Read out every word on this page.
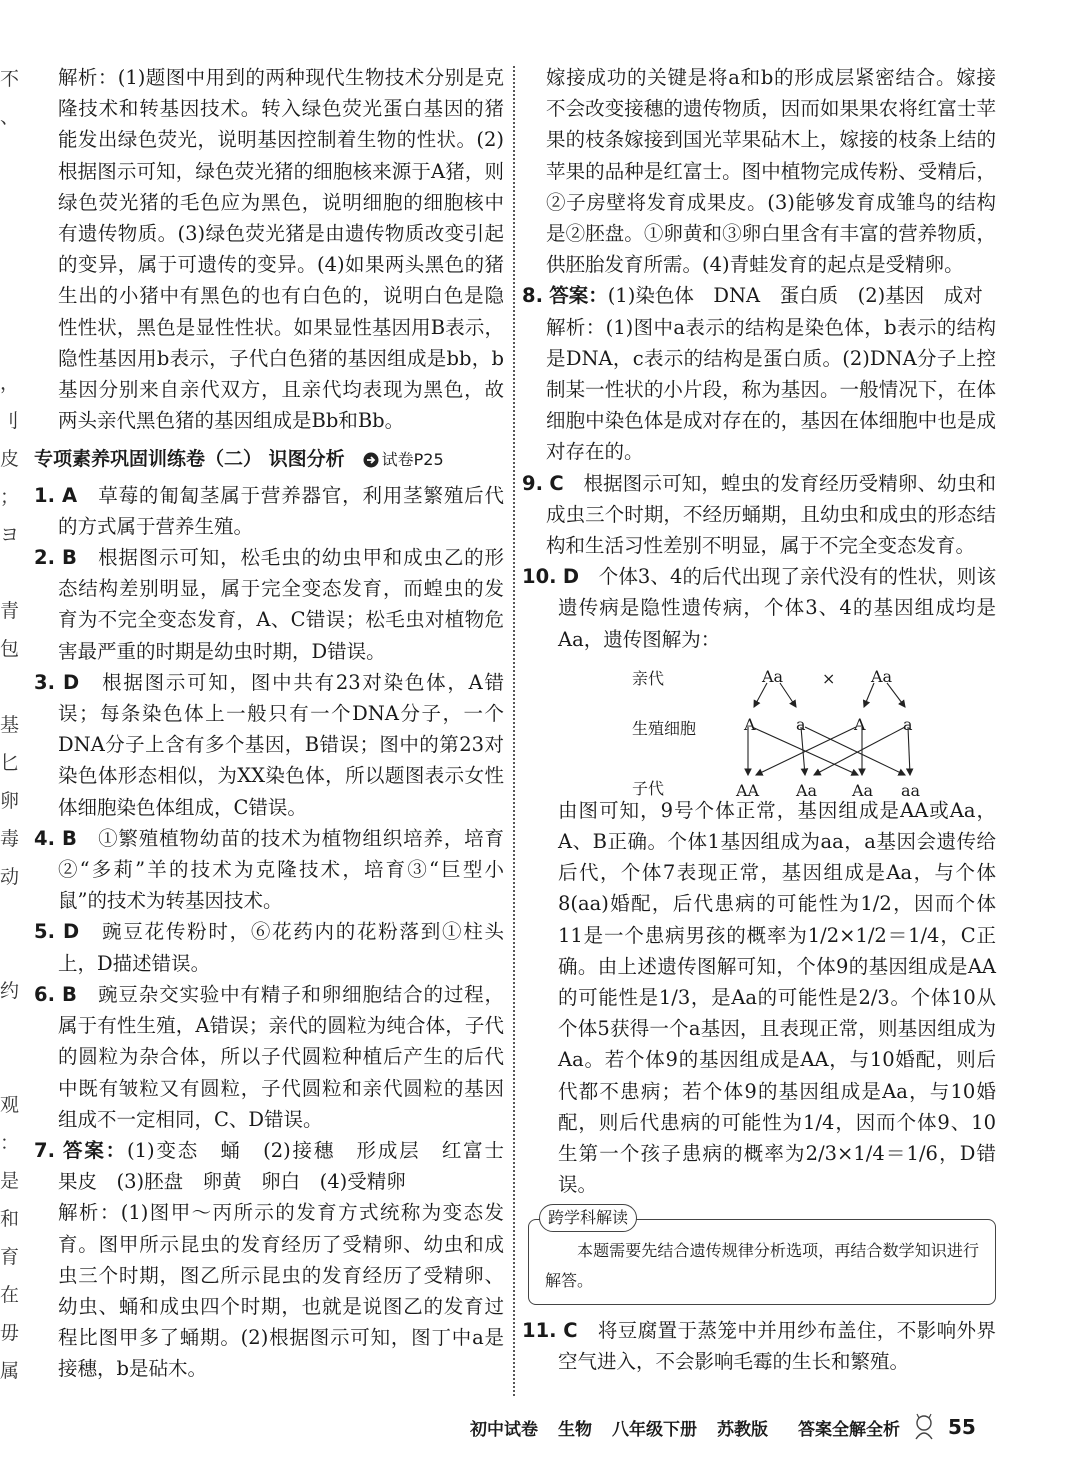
不
、
，
刂
皮
；
ヨ
青
包
基
匕
卵
毒
动
约
观
：
是
和
育
在
毋
属

解析：(1)题图中用到的两种现代生物技术分别是克隆技术和转基因技术。转入绿色荧光蛋白基因的猪能发出绿色荧光，说明基因控制着生物的性状。(2)根据图示可知，绿色荧光猪的细胞核来源于A猪，则绿色荧光猪的毛色应为黑色，说明细胞的细胞核中有遗传物质。(3)绿色荧光猪是由遗传物质改变引起的变异，属于可遗传的变异。(4)如果两头黑色的猪生出的小猪中有黑色的也有白色的，说明白色是隐性性状，黑色是显性性状。如果显性基因用B表示，隐性基因用b表示，子代白色猪的基因组成是bb，b基因分别来自亲代双方，且亲代均表现为黑色，故两头亲代黑色猪的基因组成是Bb和Bb。

专项素养巩固训练卷（二） 识图分析 试卷P25

1. A　 草莓的匍匐茎属于营养器官，利用茎繁殖后代的方式属于营养生殖。

2. B　 根据图示可知，松毛虫的幼虫甲和成虫乙的形态结构差别明显，属于完全变态发育，而蝗虫的发育为不完全变态发育，A、C错误；松毛虫对植物危害最严重的时期是幼虫时期，D错误。

3. D　 根据图示可知，图中共有23对染色体，A错误；每条染色体上一般只有一个DNA分子，一个DNA分子上含有多个基因，B错误；图中的第23对染色体形态相似，为XX染色体，所以题图表示女性体细胞染色体组成，C错误。

4. B　 ①繁殖植物幼苗的技术为植物组织培养，培育②“多莉”羊的技术为克隆技术，培育③“巨型小鼠”的技术为转基因技术。

5. D　 豌豆花传粉时，⑥花药内的花粉落到①柱头上，D描述错误。

6. B　 豌豆杂交实验中有精子和卵细胞结合的过程，属于有性生殖，A错误；亲代的圆粒为纯合体，子代的圆粒为杂合体，所以子代圆粒种植后产生的后代中既有皱粒又有圆粒，子代圆粒和亲代圆粒的基因组成不一定相同，C、D错误。

7. 答案：(1)变态　蛹　(2)接穗　形成层　红富士　果皮　(3)胚盘　卵黄　卵白　(4)受精卵

解析：(1)图甲～丙所示的发育方式统称为变态发育。图甲所示昆虫的发育经历了受精卵、幼虫和成虫三个时期，图乙所示昆虫的发育经历了受精卵、幼虫、蛹和成虫四个时期，也就是说图乙的发育过程比图甲多了蛹期。(2)根据图示可知，图丁中a是接穗，b是砧木。

嫁接成功的关键是将a和b的形成层紧密结合。嫁接不会改变接穗的遗传物质，因而如果果农将红富士苹果的枝条嫁接到国光苹果砧木上，嫁接的枝条上结的苹果的品种是红富士。图中植物完成传粉、受精后，②子房壁将发育成果皮。(3)能够发育成雏鸟的结构是②胚盘。①卵黄和③卵白里含有丰富的营养物质，供胚胎发育所需。(4)青蛙发育的起点是受精卵。

8. 答案：(1)染色体　DNA　蛋白质　(2)基因　成对

解析：(1)图中a表示的结构是染色体，b表示的结构是DNA，c表示的结构是蛋白质。(2)DNA分子上控制某一性状的小片段，称为基因。一般情况下，在体细胞中染色体是成对存在的，基因在体细胞中也是成对存在的。

9. C　 根据图示可知，蝗虫的发育经历受精卵、幼虫和成虫三个时期，不经历蛹期，且幼虫和成虫的形态结构和生活习性差别不明显，属于不完全变态发育。

10. D　 个体3、4的后代出现了亲代没有的性状，则该遗传病是隐性遗传病，个体3、4的基因组成均是Aa，遗传图解为：

亲代
生殖细胞
子代
Aa × Aa
A	a	A a
AA Aa Aa aa

由图可知，9号个体正常，基因组成是AA或Aa，A、B正确。个体1基因组成为aa，a基因会遗传给后代，个体7表现正常，基因组成是Aa，与个体8(aa)婚配，后代患病的可能性为1/2，因而个体11是一个患病男孩的概率为1/2×1/2＝1/4，C正确。由上述遗传图解可知，个体9的基因组成是AA的可能性是1/3，是Aa的可能性是2/3。个体10从个体5获得一个a基因，且表现正常，则基因组成为Aa。若个体9的基因组成是AA，与10婚配，则后代都不患病；若个体9的基因组成是Aa，与10婚配，则后代患病的可能性为1/4，因而个体9、10生第一个孩子患病的概率为2/3×1/4＝1/6，D错误。

跨学科解读

本题需要先结合遗传规律分析选项，再结合数学知识进行解答。

11. C　 将豆腐置于蒸笼中并用纱布盖住，不影响外界空气进入，不会影响毛霉的生长和繁殖。

初中试卷 生物 八年级下册 苏教版 答案全解全析 55
